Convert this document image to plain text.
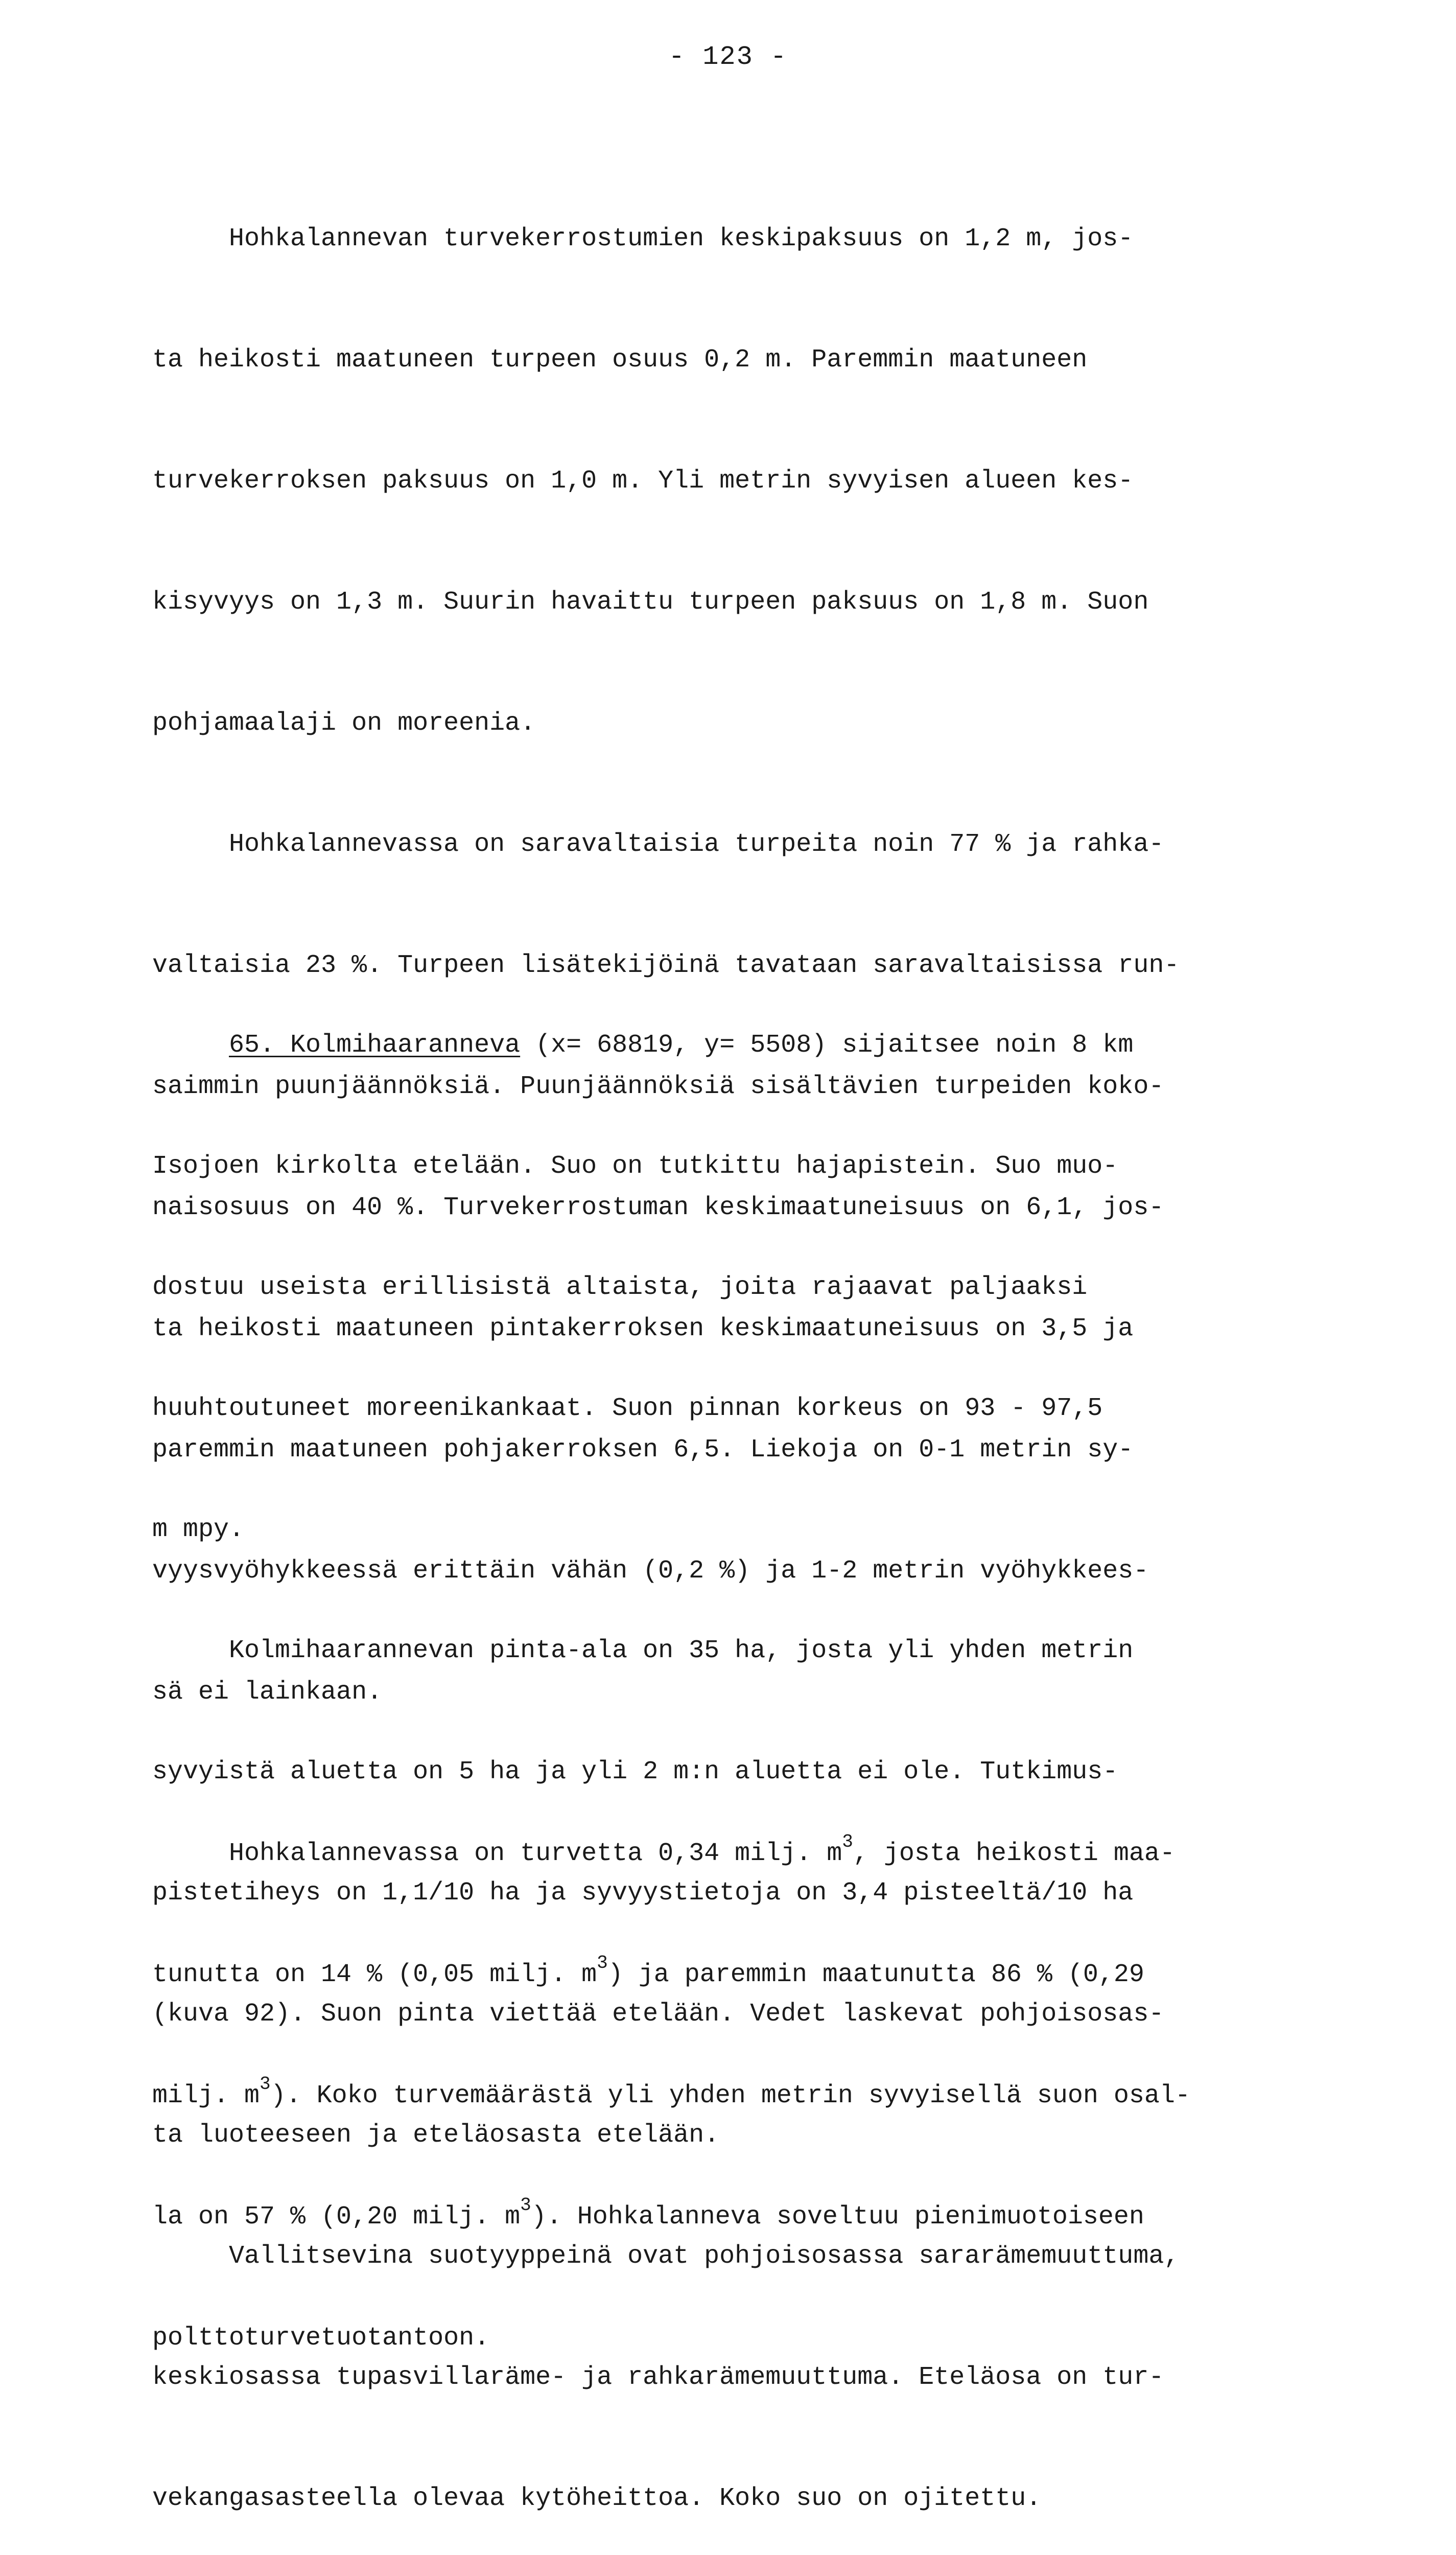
- 123 -

Hohkalannevan turvekerrostumien keskipaksuus on 1,2 m, jos-

ta heikosti maatuneen turpeen osuus 0,2 m. Paremmin maatuneen

turvekerroksen paksuus on 1,0 m. Yli metrin syvyisen alueen kes-

kisyvyys on 1,3 m. Suurin havaittu turpeen paksuus on 1,8 m. Suon

pohjamaalaji on moreenia.

Hohkalannevassa on saravaltaisia turpeita noin 77 % ja rahka-

valtaisia 23 %. Turpeen lisätekijöinä tavataan saravaltaisissa run-

saimmin puunjäännöksiä. Puunjäännöksiä sisältävien turpeiden koko-

naisosuus on 40 %. Turvekerrostuman keskimaatuneisuus on 6,1, jos-

ta heikosti maatuneen pintakerroksen keskimaatuneisuus on 3,5 ja

paremmin maatuneen pohjakerroksen 6,5. Liekoja on 0-1 metrin sy-

vyysvyöhykkeessä erittäin vähän (0,2 %) ja 1-2 metrin vyöhykkees-

sä ei lainkaan.

Hohkalannevassa on turvetta 0,34 milj. $m^3$, josta heikosti maa-

tunutta on 14 % (0,05 milj. $m^3$) ja paremmin maatunutta 86 % (0,29

milj. $m^3$). Koko turvemäärästä yli yhden metrin syvyisellä suon osal-

la on 57 % (0,20 milj. $m^3$). Hohkalanneva soveltuu pienimuotoiseen

polttoturvetuotantoon.

65. Kolmihaaranneva (x= 68819, y= 5508) sijaitsee noin 8 km

Isojoen kirkolta etelään. Suo on tutkittu hajapistein. Suo muo-

dostuu useista erillisistä altaista, joita rajaavat paljaaksi

huuhtoutuneet moreenikankaat. Suon pinnan korkeus on 93 - 97,5

m mpy.

Kolmihaarannevan pinta-ala on 35 ha, josta yli yhden metrin

syvyistä aluetta on 5 ha ja yli 2 m:n aluetta ei ole. Tutkimus-

pistetiheys on 1,1/10 ha ja syvyystietoja on 3,4 pisteeltä/10 ha

(kuva 92). Suon pinta viettää etelään. Vedet laskevat pohjoisosas-

ta luoteeseen ja eteläosasta etelään.

Vallitsevina suotyyppeinä ovat pohjoisosassa sararämemuuttuma,

keskiosassa tupasvillaräme- ja rahkarämemuuttuma. Eteläosa on tur-

vekangasasteella olevaa kytöheittoa. Koko suo on ojitettu.
